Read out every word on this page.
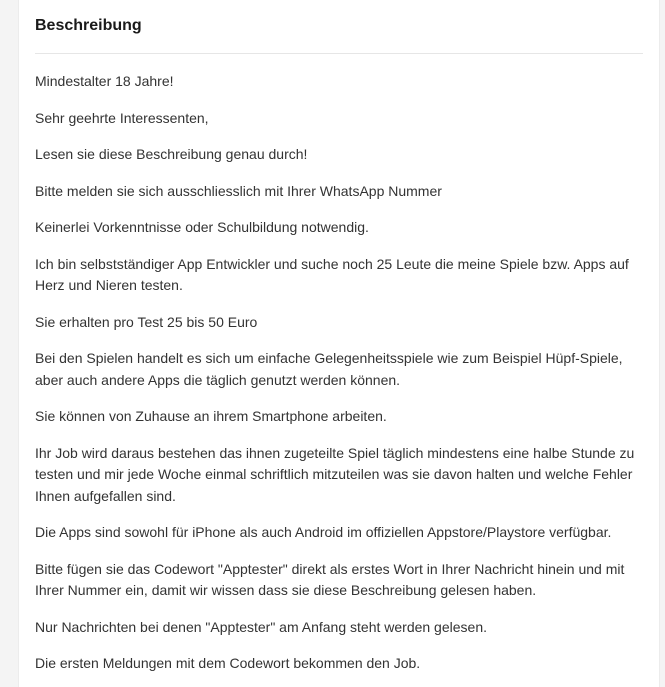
Beschreibung

Mindestalter 18 Jahre!

Sehr geehrte Interessenten,

Lesen sie diese Beschreibung genau durch!

Bitte melden sie sich ausschliesslich mit Ihrer WhatsApp Nummer

Keinerlei Vorkenntnisse oder Schulbildung notwendig.

Ich bin selbstständiger App Entwickler und suche noch 25 Leute die meine Spiele bzw. Apps auf Herz und Nieren testen.

Sie erhalten pro Test 25 bis 50 Euro

Bei den Spielen handelt es sich um einfache Gelegenheitsspiele wie zum Beispiel Hüpf-Spiele, aber auch andere Apps die täglich genutzt werden können.

Sie können von Zuhause an ihrem Smartphone arbeiten.

Ihr Job wird daraus bestehen das ihnen zugeteilte Spiel täglich mindestens eine halbe Stunde zu testen und mir jede Woche einmal schriftlich mitzuteilen was sie davon halten und welche Fehler Ihnen aufgefallen sind.

Die Apps sind sowohl für iPhone als auch Android im offiziellen Appstore/Playstore verfügbar.

Bitte fügen sie das Codewort "Apptester" direkt als erstes Wort in Ihrer Nachricht hinein und mit Ihrer Nummer ein, damit wir wissen dass sie diese Beschreibung gelesen haben.

Nur Nachrichten bei denen "Apptester" am Anfang steht werden gelesen.

Die ersten Meldungen mit dem Codewort bekommen den Job.
